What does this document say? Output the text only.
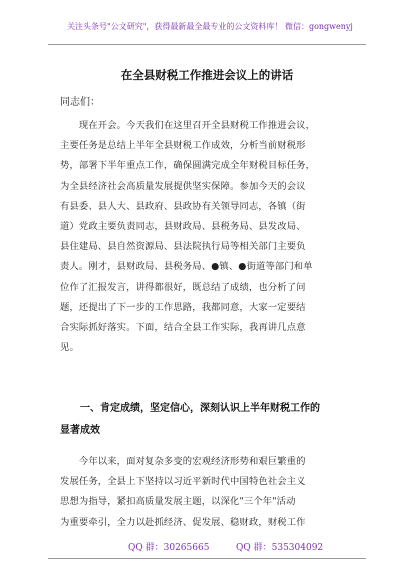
关注头条号"公文研究"，获得最新最全最专业的公文资料库！ 微信：gongwenyj
在全县财税工作推进会议上的讲话
同志们：
　　现在开会。今天我们在这里召开全县财税工作推进会议，
主要任务是总结上半年全县财税工作成效，分析当前财税形
势，部署下半年重点工作，确保圆满完成全年财税目标任务，
为全县经济社会高质量发展提供坚实保障。参加今天的会议
有县委、县人大、县政府、县政协有关领导同志，各镇（街
道）党政主要负责同志，县财政局、县税务局、县发改局、
县住建局、县自然资源局、县法院执行局等相关部门主要负
责人。刚才，县财政局、县税务局、●镇、●街道等部门和单
位作了汇报发言，讲得都很好，既总结了成绩，也分析了问
题，还提出了下一步的工作思路，我都同意，大家一定要结
合实际抓好落实。下面，结合全县工作实际，我再讲几点意
见。
　　一、肯定成绩，坚定信心，深刻认识上半年财税工作的
显著成效
　　今年以来，面对复杂多变的宏观经济形势和艰巨繁重的
发展任务，全县上下坚持以习近平新时代中国特色社会主义
思想为指导，紧扣高质量发展主题，以深化"三个年"活动
为重要牵引，全力以赴抓经济、促发展、稳财政，财税工作
QQ 群：30265665	QQ 群：535304092
